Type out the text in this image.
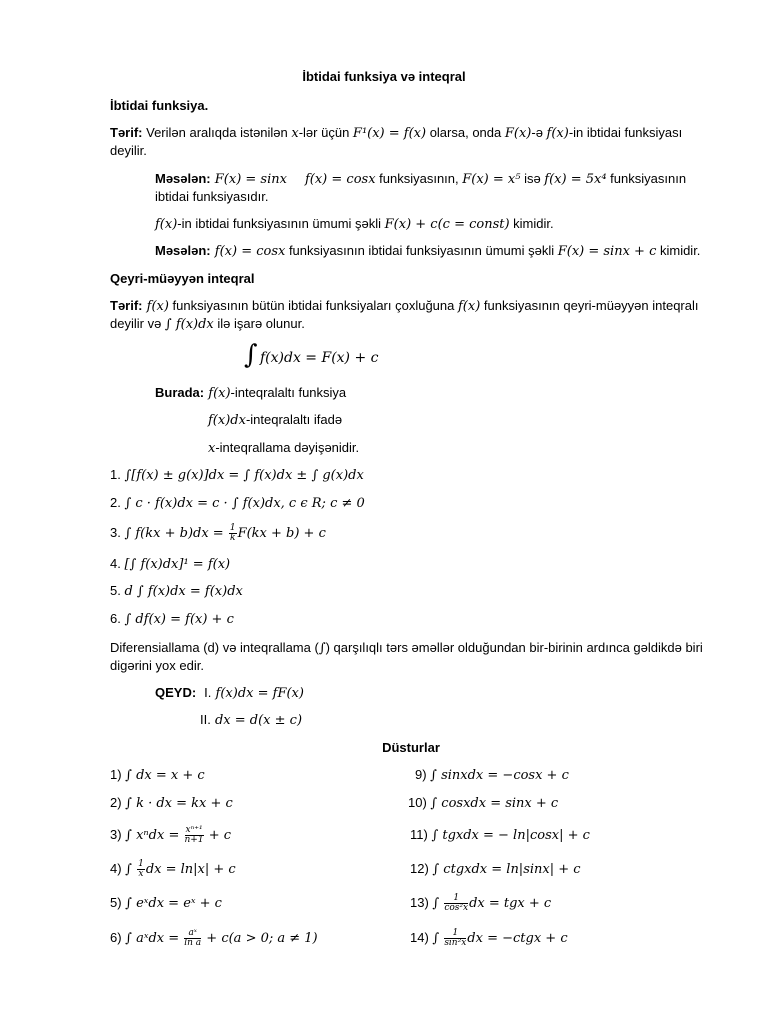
İbtidai funksiya və inteqral
İbtidai funksiya.
Tərif: Verilən aralıqda istənilən x-lər üçün F¹(x) = f(x) olarsa, onda F(x)-ə f(x)-in ibtidai funksiyası
deyilir.
Məsələn: F(x) = sinx f(x) = cosx funksiyasının, F(x) = x⁵ isə f(x) = 5x⁴ funksiyasının
ibtidai funksiyasıdır.
f(x)-in ibtidai funksiyasının ümumi şəkli F(x) + c(c = const) kimidir.
Məsələn: f(x) = cosx funksiyasının ibtidai funksiyasının ümumi şəkli F(x) = sinx + c kimidir.
Qeyri-müəyyən inteqral
Tərif: f(x) funksiyasının bütün ibtidai funksiyaları çoxluğuna f(x) funksiyasının qeyri-müəyyən inteqralı
deyilir və ∫ f(x)dx ilə işarə olunur.
∫ f(x)dx = F(x) + c
Burada: f(x)-inteqralaltı funksiya
f(x)dx-inteqralaltı ifadə
x-inteqrallama dəyişənidir.
1. ∫[f(x) ± g(x)]dx = ∫ f(x)dx ± ∫ g(x)dx
2. ∫ c · f(x)dx = c · ∫ f(x)dx, c ϵ R; c ≠ 0
3. ∫ $f(kx + b)dx = \frac{1}{k} F(kx + b) + c$
4. [∫ f(x)dx]¹ = f(x)
5. d ∫ f(x)dx = f(x)dx
6. ∫ df(x) = f(x) + c
Diferensiallama (d) və inteqrallama (∫) qarşılıqlı tərs əməllər olduğundan bir-birinin ardınca gəldikdə biri
digərini yox edir.
QEYD: I. f(x)dx = fF(x)
II. dx = d(x ± c)
Düsturlar
1) ∫ dx = x + c
2) ∫ k · dx = kx + c
3) ∫ $x^ndx = \frac{\text{xⁿ⁺¹}}{n+1} + c$
4) ∫ $\frac{1}{x}$ dx = ln|x| + c
5) ∫ eˣdx = eˣ + c
6) ∫ aˣdx = $\frac{\text{aˣ}}{\text{ln a}} + c(a > 0$; a ≠ 1)
9) ∫ sinxdx = −cosx + c
10) ∫ cosxdx = sinx + c
11) ∫ tgxdx = − ln|cosx| + c
12) ∫ ctgxdx = ln|sinx| + c
13) ∫ $\frac{1}{\text{cos²x}}$ dx = tgx + c
14) ∫ $\frac{1}{\text{sin²x}}$ dx = −ctgx + c
